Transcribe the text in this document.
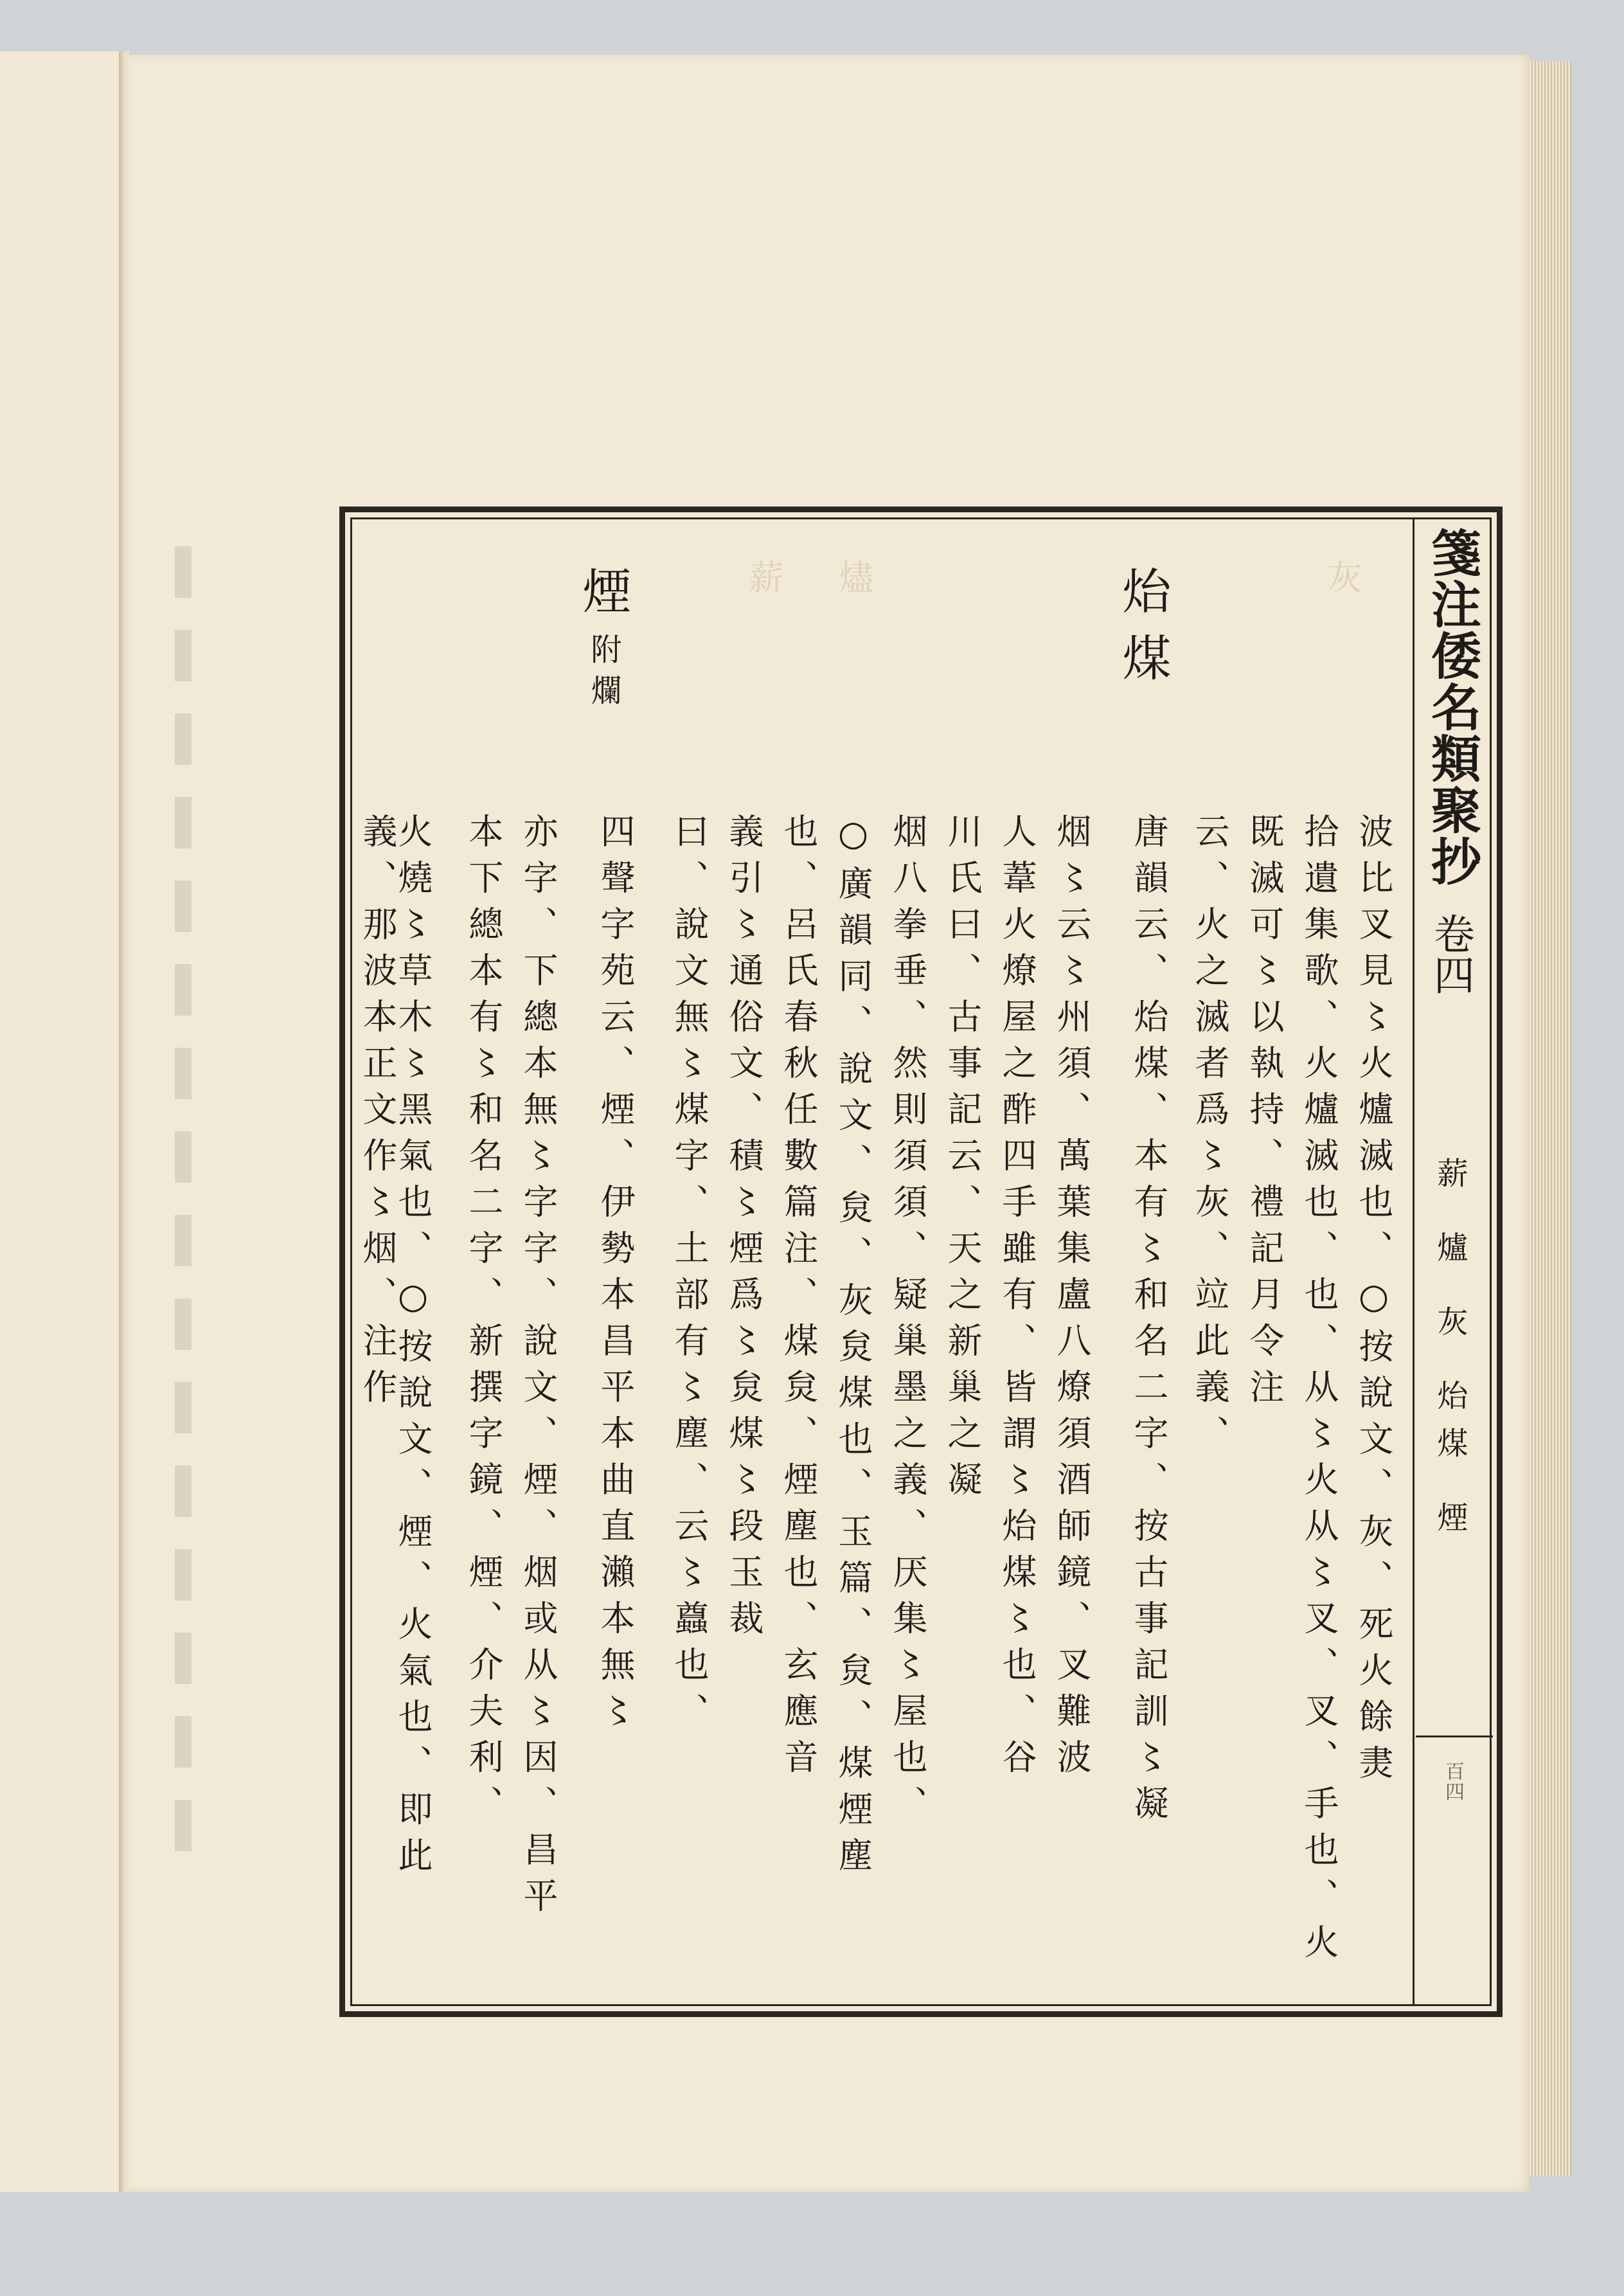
薪 燼	灰 箋注倭名類聚抄
卷四
薪 爐 灰 炲煤 煙
百四
炲煤
煙
附爛
波比叉見〻火爐滅也、○按說文、灰、死火餘㶳
拾遺集歌、火爐滅也、也、从〻火从〻叉、叉、手也、火
既滅可〻以執持、禮記月令注
云、火之滅者爲〻灰、竝此義、
唐韻云、炲煤、本有〻和名二字、按古事記訓〻凝
烟〻云〻州須、萬葉集盧八燎須酒師鏡、叉難波
人葦火燎屋之酢四手雖有、皆謂〻炲煤〻也、谷
川氏曰、古事記云、天之新巢之凝
烟八拳垂、然則須須、疑巢墨之義、厌集〻屋也、
○廣韻同、說文、炱、灰炱煤也、玉篇、炱、煤煙塵
也、呂氏春秋任數篇注、煤炱、煙塵也、玄應音
義引〻通俗文、積〻煙爲〻炱煤〻段玉裁
曰、說文無〻煤字、土部有〻塵、云〻蠤也、
四聲字苑云、煙、伊勢本昌平本曲直瀨本無〻
亦字、下總本無〻字字、說文、煙、烟或从〻因、昌平
本下總本有〻和名二字、新撰字鏡、煙、介夫利、
火燒〻草木〻黑氣也、○按說文、煙、火氣也、即此
義、那波本正文作〻烟、注作
